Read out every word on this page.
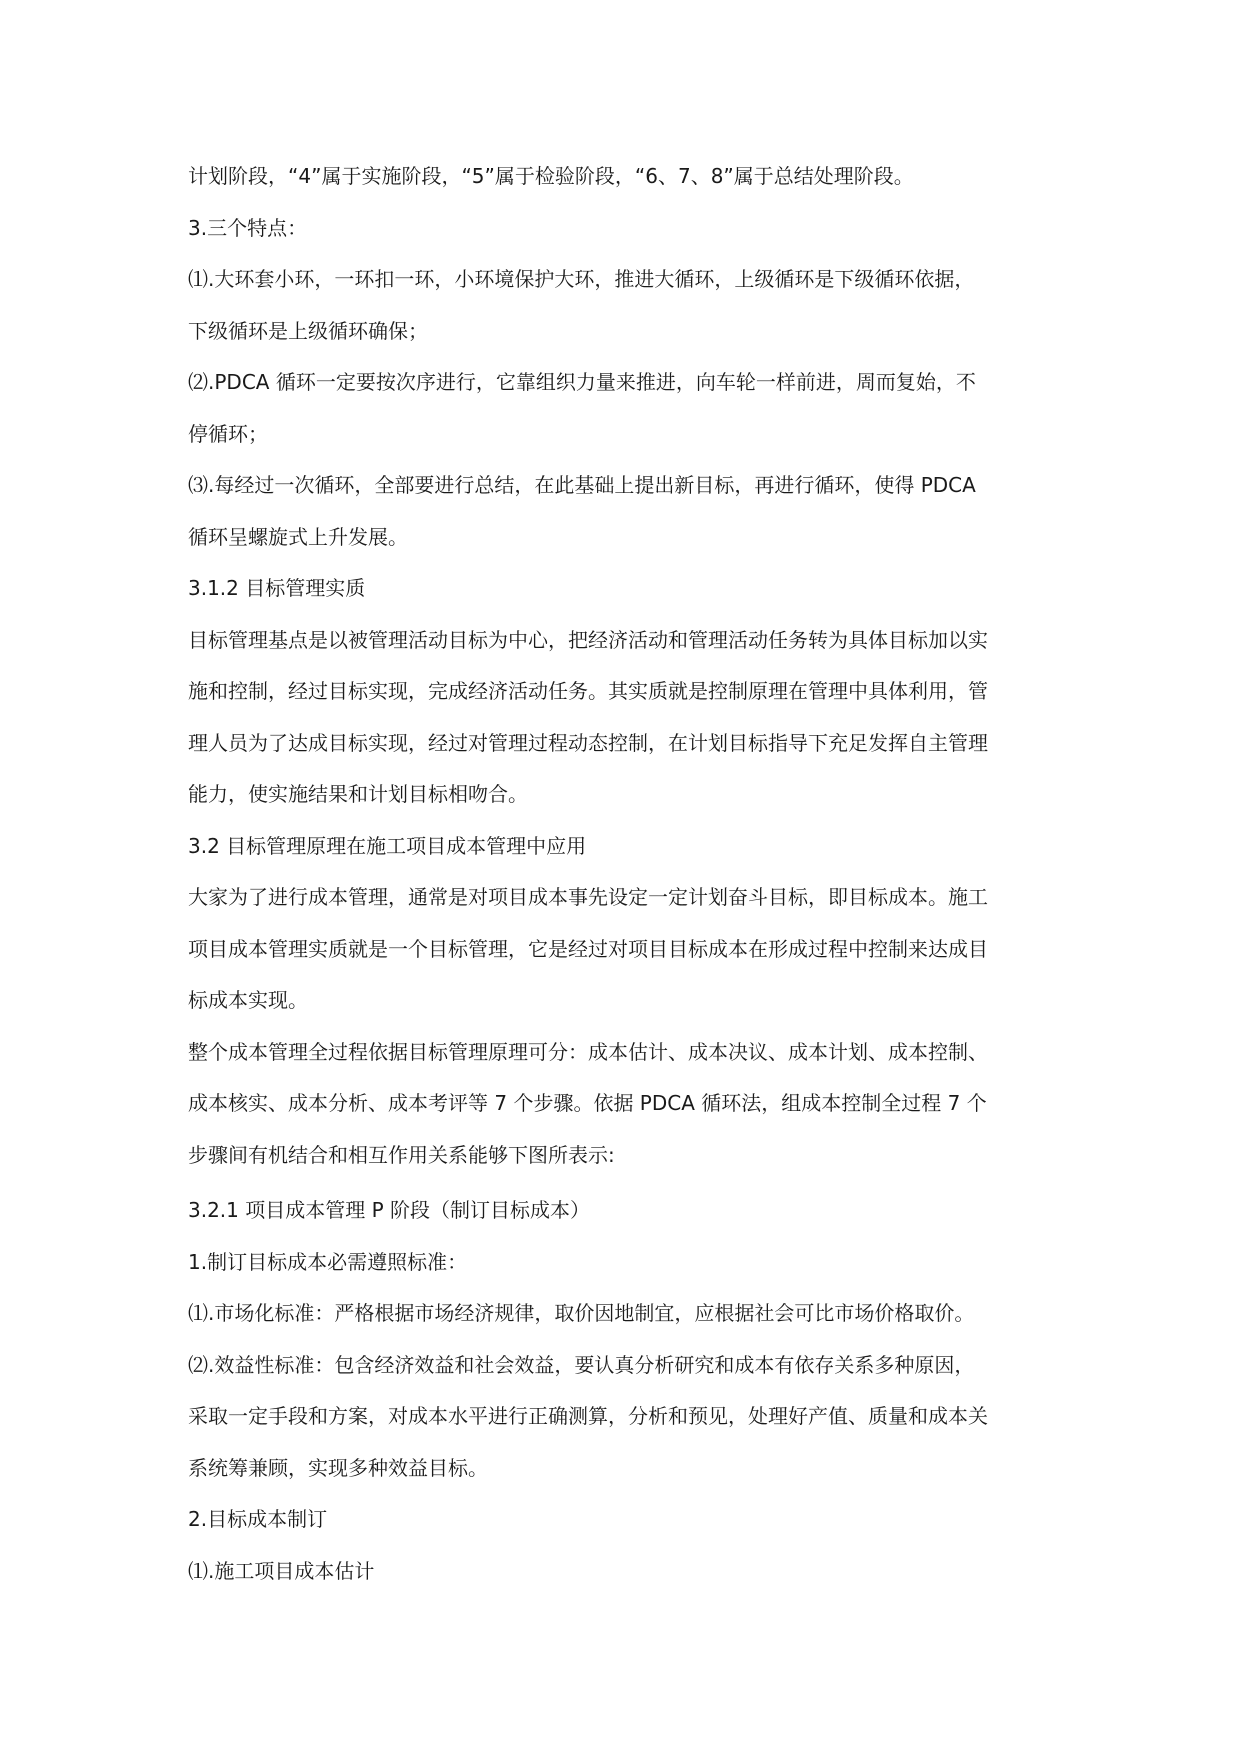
计划阶段，“4”属于实施阶段，“5”属于检验阶段，“6、7、8”属于总结处理阶段。
3.三个特点：
⑴.大环套小环，一环扣一环，小环境保护大环，推进大循环，上级循环是下级循环依据，
下级循环是上级循环确保；
⑵.PDCA 循环一定要按次序进行，它靠组织力量来推进，向车轮一样前进，周而复始，不
停循环；
⑶.每经过一次循环，全部要进行总结，在此基础上提出新目标，再进行循环，使得 PDCA
循环呈螺旋式上升发展。
3.1.2 目标管理实质
目标管理基点是以被管理活动目标为中心，把经济活动和管理活动任务转为具体目标加以实
施和控制，经过目标实现，完成经济活动任务。其实质就是控制原理在管理中具体利用，管
理人员为了达成目标实现，经过对管理过程动态控制，在计划目标指导下充足发挥自主管理
能力，使实施结果和计划目标相吻合。
3.2 目标管理原理在施工项目成本管理中应用
大家为了进行成本管理，通常是对项目成本事先设定一定计划奋斗目标，即目标成本。施工
项目成本管理实质就是一个目标管理，它是经过对项目目标成本在形成过程中控制来达成目
标成本实现。
整个成本管理全过程依据目标管理原理可分：成本估计、成本决议、成本计划、成本控制、
成本核实、成本分析、成本考评等 7 个步骤。依据 PDCA 循环法，组成本控制全过程 7 个
步骤间有机结合和相互作用关系能够下图所表示:
3.2.1 项目成本管理 P 阶段（制订目标成本）
1.制订目标成本必需遵照标准：
⑴.市场化标准：严格根据市场经济规律，取价因地制宜，应根据社会可比市场价格取价。
⑵.效益性标准：包含经济效益和社会效益，要认真分析研究和成本有依存关系多种原因，
采取一定手段和方案，对成本水平进行正确测算，分析和预见，处理好产值、质量和成本关
系统筹兼顾，实现多种效益目标。
2.目标成本制订
⑴.施工项目成本估计
